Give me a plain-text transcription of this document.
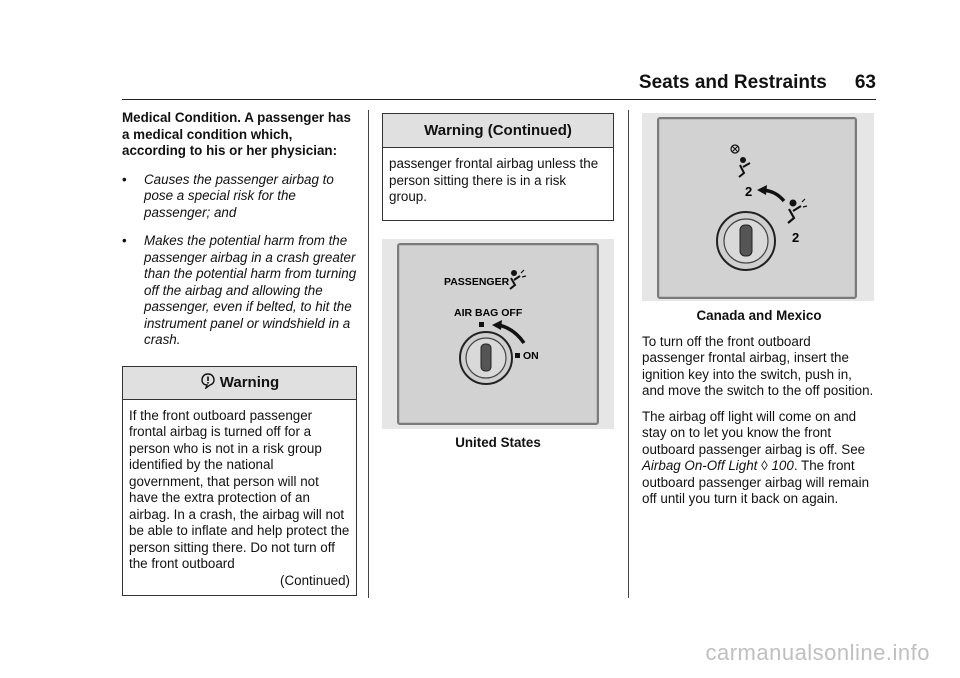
Seats and Restraints 63

Medical Condition. A passenger has a medical condition which, according to his or her physician:

• Causes the passenger airbag to pose a special risk for the passenger; and
• Makes the potential harm from the passenger airbag in a crash greater than the potential harm from turning off the airbag and allowing the passenger, even if belted, to hit the instrument panel or windshield in a crash.
Warning

If the front outboard passenger frontal airbag is turned off for a person who is not in a risk group identified by the national government, that person will not have the extra protection of an airbag. In a crash, the airbag will not be able to inflate and help protect the person sitting there. Do not turn off the front outboard

(Continued)

Warning (Continued)

passenger frontal airbag unless the person sitting there is in a risk group.

PASSENGER
AIR BAG OFF
ON

United States

2
2

Canada and Mexico

To turn off the front outboard passenger frontal airbag, insert the ignition key into the switch, push in, and move the switch to the off position.

The airbag off light will come on and stay on to let you know the front outboard passenger airbag is off. See Airbag On-Off Light ◊ 100. The front outboard passenger airbag will remain off until you turn it back on again.

carmanualsonline.info
